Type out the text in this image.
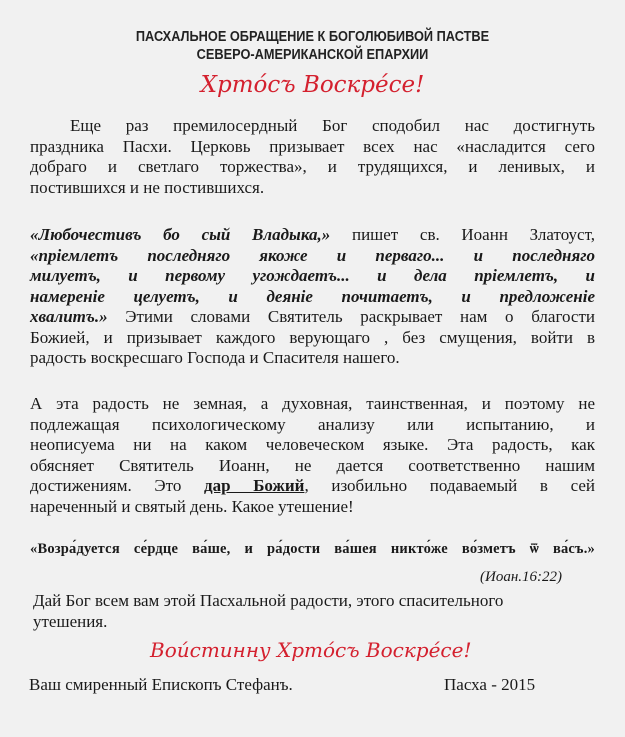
ПАСХАЛЬНОЕ ОБРАЩЕНИЕ К БОГОЛЮБИВОЙ ПАСТВЕ
СЕВЕРО-АМЕРИКАНСКОЙ ЕПАРХИИ
Хрто́съ Воскре́се!
Еще раз премилосердный Бог сподобил нас достигнуть
праздника Пасхи. Церковь призывает всех нас «насладится сего
добраго и светлаго торжества», и трудящихся, и ленивых, и
постившихся и не постившихся.
«Любочестивъ бо сый Владыка,» пишет св. Иоанн Златоуст,
«пріемлетъ последняго якоже и перваго... и последняго
милуетъ, и первому угождаетъ... и дела пріемлетъ, и
намереніе целуетъ, и деяніе почитаетъ, и предложеніе
хвалитъ.» Этими словами Святитель раскрывает нам о благости
Божией, и призывает каждого верующаго , без смущения, войти в
радость воскресшаго Господа и Спасителя нашего.
А эта радость не земная, а духовная, таинственная, и поэтому не
подлежащая психологическому анализу или испытанию, и
неописуема ни на каком человеческом языке. Эта радость, как
обясняет Святитель Иоанн, не дается соответственно нашим
достижениям. Это дар Божий, изобильно подаваемый в сей
нареченный и святый день. Какое утешение!
«Возра́дуется се́рдце ва́ше, и ра́дости ва́шея никто́же во́зметъ ѿ ва́съ.»
(Иоан.16:22)
Дай Бог всем вам этой Пасхальной радости, этого спасительного
утешения.
Вои́стинну Хрто́съ Воскре́се!
Ваш смиренный Епископъ Стефанъ.	Пасха - 2015
